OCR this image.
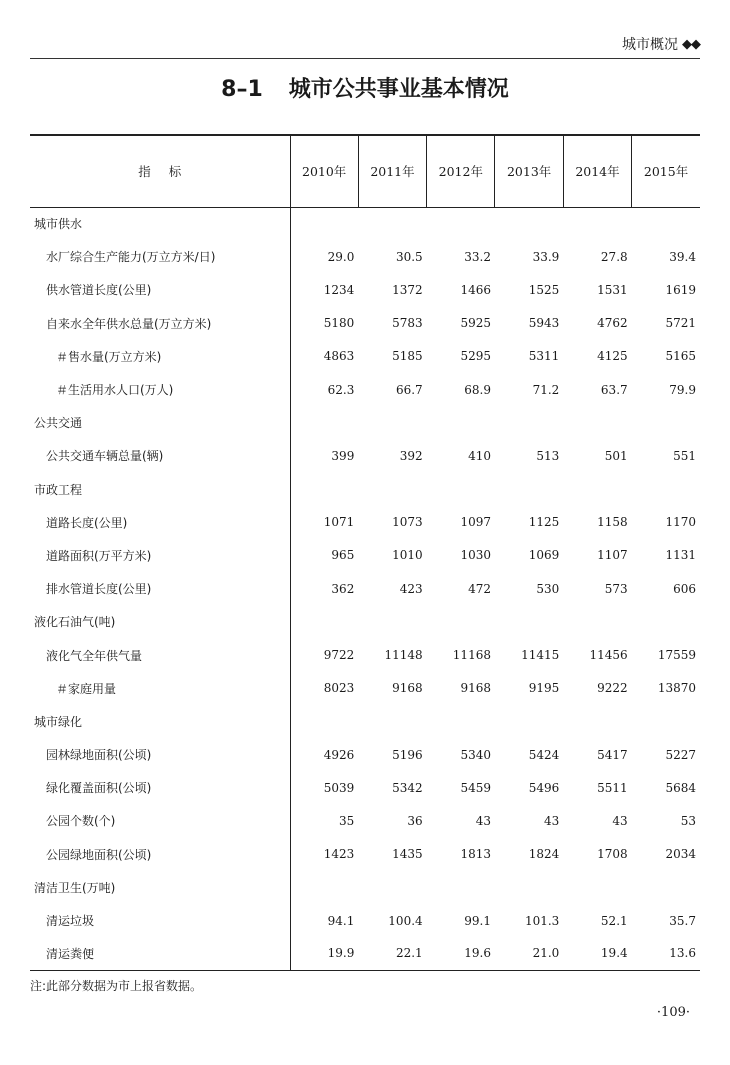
城市概况 ◆◆
8–1 城市公共事业基本情况
指标	2010年	2011年	2012年	2013年	2014年	2015年
城市供水						
水厂综合生产能力(万立方米/日)	29.0	30.5	33.2	33.9	27.8	39.4
供水管道长度(公里)	1234	1372	1466	1525	1531	1619
自来水全年供水总量(万立方米)	5180	5783	5925	5943	4762	5721
＃售水量(万立方米)	4863	5185	5295	5311	4125	5165
＃生活用水人口(万人)	62.3	66.7	68.9	71.2	63.7	79.9
公共交通						
公共交通车辆总量(辆)	399	392	410	513	501	551
市政工程						
道路长度(公里)	1071	1073	1097	1125	1158	1170
道路面积(万平方米)	965	1010	1030	1069	1107	1131
排水管道长度(公里)	362	423	472	530	573	606
液化石油气(吨)						
液化气全年供气量	9722	11148	11168	11415	11456	17559
＃家庭用量	8023	9168	9168	9195	9222	13870
城市绿化						
园林绿地面积(公顷)	4926	5196	5340	5424	5417	5227
绿化覆盖面积(公顷)	5039	5342	5459	5496	5511	5684
公园个数(个)	35	36	43	43	43	53
公园绿地面积(公顷)	1423	1435	1813	1824	1708	2034
清洁卫生(万吨)						
清运垃圾	94.1	100.4	99.1	101.3	52.1	35.7
清运粪便	19.9	22.1	19.6	21.0	19.4	13.6
注:此部分数据为市上报省数据。
·109·
